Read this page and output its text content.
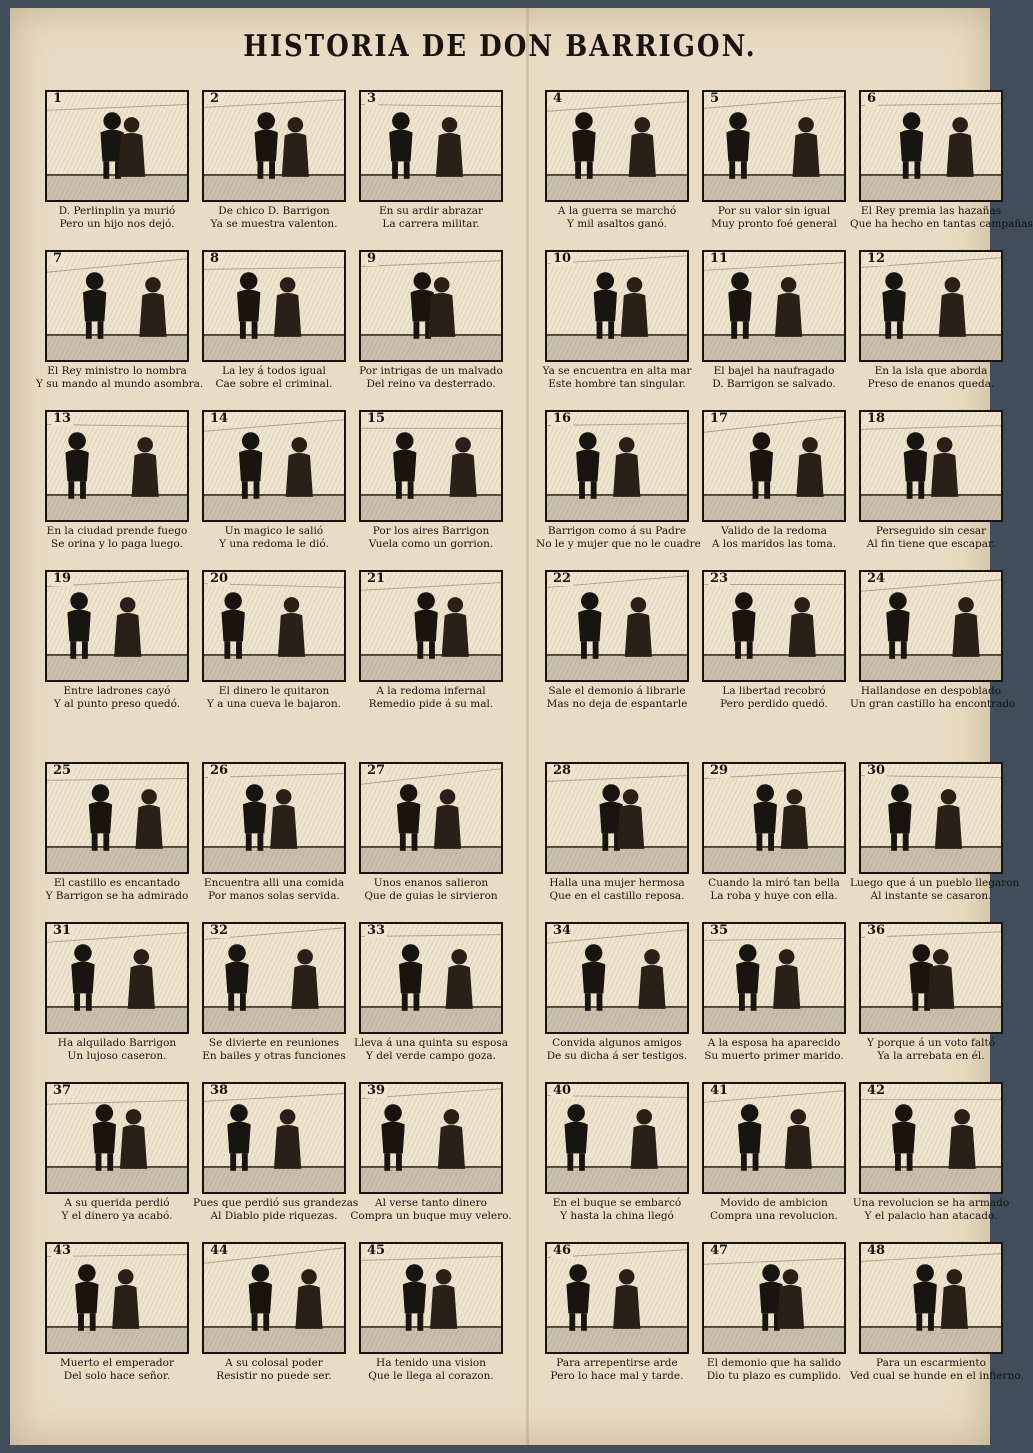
HISTORIA DE DON BARRIGON.
1
D. Perlinplin ya murió
Pero un hijo nos dejó.
2
De chico D. Barrigon
Ya se muestra valenton.
3
En su ardir abrazar
La carrera militar.
7
El Rey ministro lo nombra
Y su mando al mundo asombra.
8
La ley á todos igual
Cae sobre el criminal.
9
Por intrigas de un malvado
Del reino va desterrado.
13
En la ciudad prende fuego
Se orina y lo paga luego.
14
Un magico le salió
Y una redoma le dió.
15
Por los aires Barrigon
Vuela como un gorrion.
19
Entre ladrones cayó
Y al punto preso quedó.
20
El dinero le quitaron
Y a una cueva le bajaron.
21
A la redoma infernal
Remedio pide á su mal.
4
A la guerra se marchó
Y mil asaltos ganó.
5
Por su valor sin igual
Muy pronto foé general
6
El Rey premia las hazañas
Que ha hecho en tantas campañas
10
Ya se encuentra en alta mar
Este hombre tan singular.
11
El bajel ha naufragado
D. Barrigon se salvado.
12
En la isla que aborda
Preso de enanos queda.
16
Barrigon como á su Padre
No le y mujer que no le cuadre
17
Valido de la redoma
A los maridos las toma.
18
Perseguido sin cesar
Al fin tiene que escapar.
22
Sale el demonio á librarle
Mas no deja de espantarle
23
La libertad recobró
Pero perdido quedó.
24
Hallandose en despoblado
Un gran castillo ha encontrado
25
El castillo es encantado
Y Barrigon se ha admirado
26
Encuentra alli una comida
Por manos solas servida.
27
Unos enanos salieron
Que de guias le sirvieron
31
Ha alquilado Barrigon
Un lujoso caseron.
32
Se divierte en reuniones
En bailes y otras funciones
33
Lleva á una quinta su esposa
Y del verde campo goza.
37
A su querida perdió
Y el dinero ya acabó.
38
Pues que perdió sus grandezas
Al Diablo pide riquezas.
39
Al verse tanto dinero
Compra un buque muy velero.
43
Muerto el emperador
Del solo hace señor.
44
A su colosal poder
Resistir no puede ser.
45
Ha tenido una vision
Que le llega al corazon.
28
Halla una mujer hermosa
Que en el castillo reposa.
29
Cuando la miró tan bella
La roba y huye con ella.
30
Luego que á un pueblo llegaron
Al instante se casaron.
34
Convida algunos amigos
De su dicha á ser testigos.
35
A la esposa ha aparecido
Su muerto primer marido.
36
Y porque á un voto faltó
Ya la arrebata en él.
40
En el buque se embarcó
Y hasta la china llegó
41
Movido de ambicion
Compra una revolucion.
42
Una revolucion se ha armado
Y el palacio han atacado.
46
Para arrepentirse arde
Pero lo hace mal y tarde.
47
El demonio que ha salido
Dio tu plazo es cumplido.
48
Para un escarmiento
Ved cual se hunde en el infierno.
